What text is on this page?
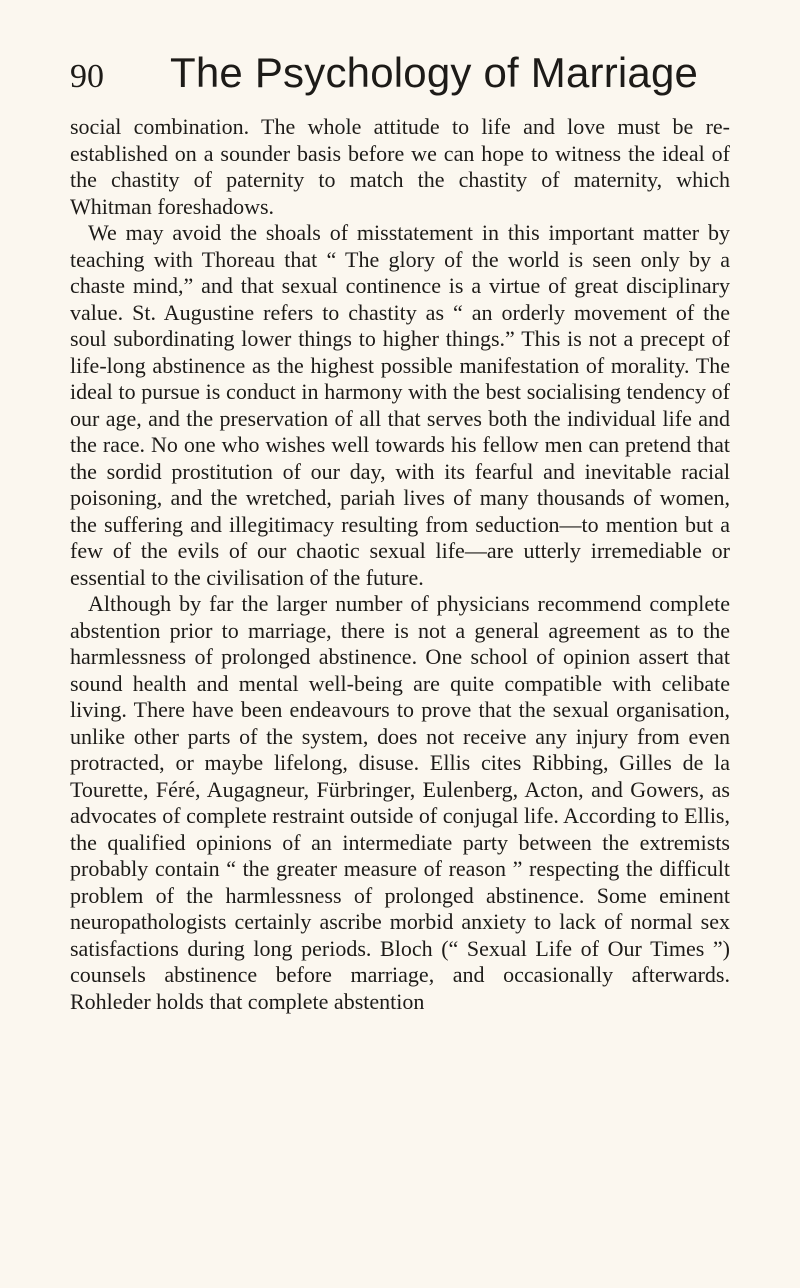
90 The Psychology of Marriage

social combination. The whole attitude to life and love must be re-established on a sounder basis before we can hope to witness the ideal of the chastity of paternity to match the chastity of maternity, which Whitman foreshadows.

We may avoid the shoals of misstatement in this important matter by teaching with Thoreau that “ The glory of the world is seen only by a chaste mind,” and that sexual continence is a virtue of great disciplinary value. St. Augustine refers to chastity as “ an orderly movement of the soul subordinating lower things to higher things.” This is not a precept of life-long abstinence as the highest possible manifestation of morality. The ideal to pursue is conduct in harmony with the best socialising tendency of our age, and the preservation of all that serves both the individual life and the race. No one who wishes well towards his fellow men can pretend that the sordid prostitution of our day, with its fearful and inevitable racial poisoning, and the wretched, pariah lives of many thousands of women, the suffering and illegitimacy resulting from seduction—to mention but a few of the evils of our chaotic sexual life—are utterly irremediable or essential to the civilisation of the future.

Although by far the larger number of physicians recommend complete abstention prior to marriage, there is not a general agreement as to the harmlessness of prolonged abstinence. One school of opinion assert that sound health and mental well-being are quite compatible with celibate living. There have been endeavours to prove that the sexual organisation, unlike other parts of the system, does not receive any injury from even protracted, or maybe lifelong, disuse. Ellis cites Ribbing, Gilles de la Tourette, Féré, Augagneur, Fürbringer, Eulenberg, Acton, and Gowers, as advocates of complete restraint outside of conjugal life. According to Ellis, the qualified opinions of an intermediate party between the extremists probably contain “ the greater measure of reason ” respecting the difficult problem of the harmlessness of prolonged abstinence. Some eminent neuropathologists certainly ascribe morbid anxiety to lack of normal sex satisfactions during long periods. Bloch (“ Sexual Life of Our Times ”) counsels abstinence before marriage, and occasionally afterwards. Rohleder holds that complete abstention
